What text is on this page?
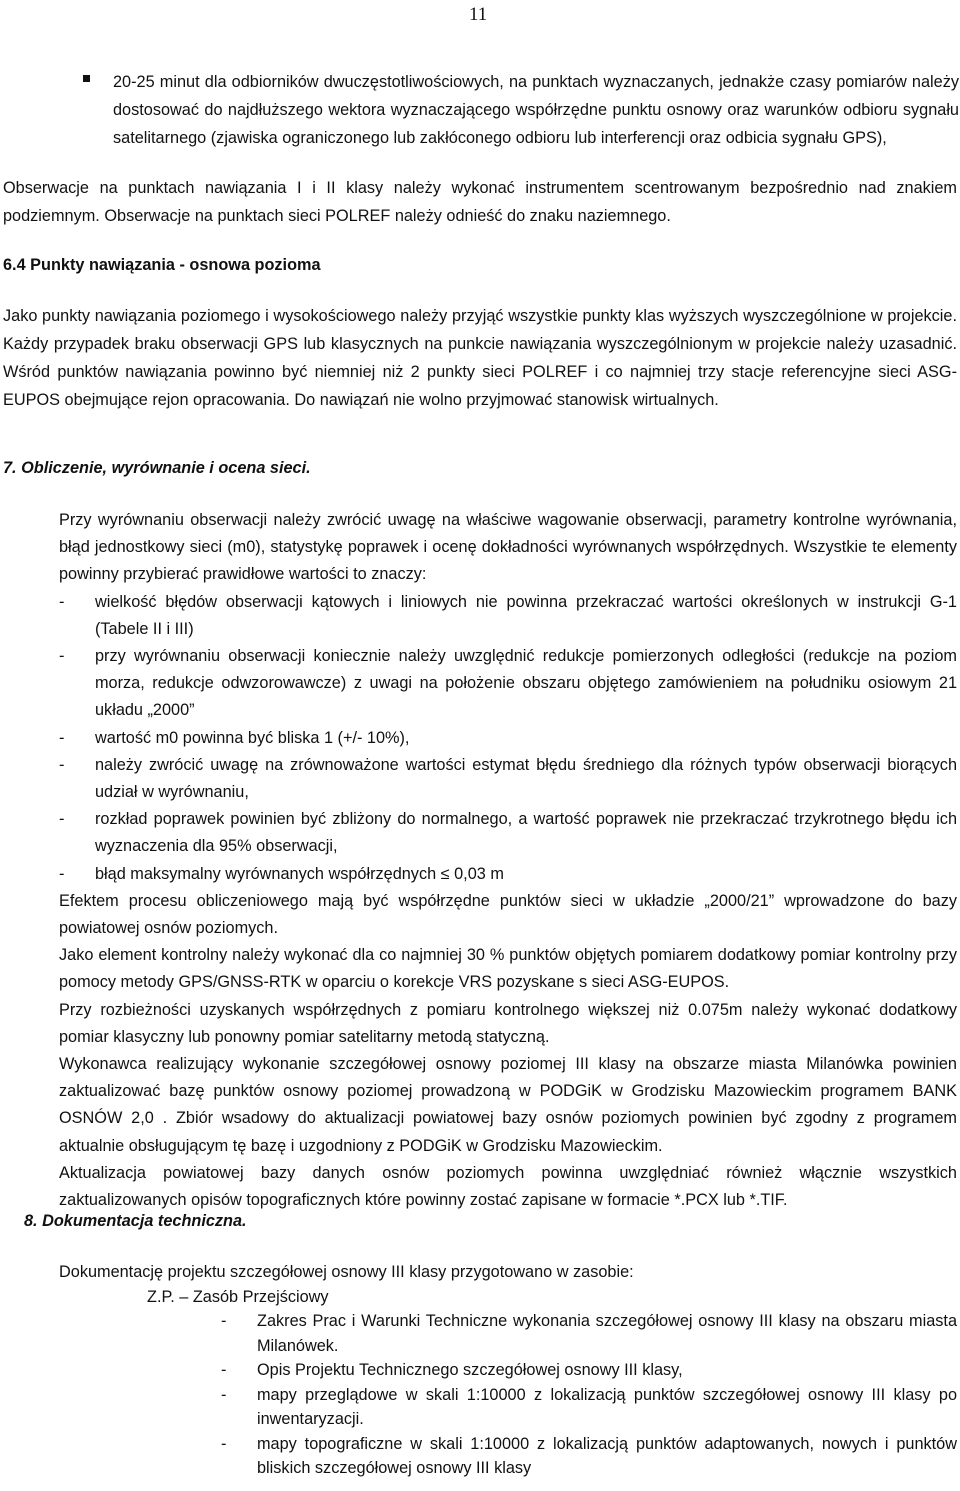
11
20-25 minut dla odbiorników dwuczęstotliwościowych, na punktach wyznaczanych, jednakże czasy pomiarów należy dostosować do najdłuższego wektora wyznaczającego współrzędne punktu osnowy oraz warunków odbioru sygnału satelitarnego (zjawiska ograniczonego lub zakłóconego odbioru lub interferencji oraz odbicia sygnału GPS),

Obserwacje na punktach nawiązania I i II klasy należy wykonać instrumentem scentrowanym bezpośrednio nad znakiem podziemnym. Obserwacje na punktach sieci POLREF należy odnieść do znaku naziemnego.

6.4 Punkty nawiązania - osnowa pozioma

Jako punkty nawiązania poziomego i wysokościowego należy przyjąć wszystkie punkty klas wyższych wyszczególnione w projekcie. Każdy przypadek braku obserwacji GPS lub klasycznych na punkcie nawiązania wyszczególnionym w projekcie należy uzasadnić. Wśród punktów nawiązania powinno być niemniej niż 2 punkty sieci POLREF i co najmniej trzy stacje referencyjne sieci ASG-EUPOS obejmujące rejon opracowania. Do nawiązań nie wolno przyjmować stanowisk wirtualnych.

7. Obliczenie, wyrównanie i ocena sieci.

Przy wyrównaniu obserwacji należy zwrócić uwagę na właściwe wagowanie obserwacji, parametry kontrolne wyrównania, błąd jednostkowy sieci (m0), statystykę poprawek i ocenę dokładności wyrównanych współrzędnych. Wszystkie te elementy powinny przybierać prawidłowe wartości to znaczy:

- wielkość błędów obserwacji kątowych i liniowych nie powinna przekraczać wartości określonych w instrukcji G-1 (Tabele II i III)
- przy wyrównaniu obserwacji koniecznie należy uwzględnić redukcje pomierzonych odległości (redukcje na poziom morza, redukcje odwzorowawcze) z uwagi na położenie obszaru objętego zamówieniem na południku osiowym 21 układu „2000”
- wartość m0 powinna być bliska 1 (+/- 10%),
- należy zwrócić uwagę na zrównoważone wartości estymat błędu średniego dla różnych typów obserwacji biorących udział w wyrównaniu,
- rozkład poprawek powinien być zbliżony do normalnego, a wartość poprawek nie przekraczać trzykrotnego błędu ich wyznaczenia dla 95% obserwacji,
- błąd maksymalny wyrównanych współrzędnych ≤ 0,03 m

Efektem procesu obliczeniowego mają być współrzędne punktów sieci w układzie „2000/21” wprowadzone do bazy powiatowej osnów poziomych.

Jako element kontrolny należy wykonać dla co najmniej 30 % punktów objętych pomiarem dodatkowy pomiar kontrolny przy pomocy metody GPS/GNSS-RTK w oparciu o korekcje VRS pozyskane s sieci ASG-EUPOS.

Przy rozbieżności uzyskanych współrzędnych z pomiaru kontrolnego większej niż 0.075m należy wykonać dodatkowy pomiar klasyczny lub ponowny pomiar satelitarny metodą statyczną.

Wykonawca realizujący wykonanie szczegółowej osnowy poziomej III klasy na obszarze miasta Milanówka powinien zaktualizować bazę punktów osnowy poziomej prowadzoną w PODGiK w Grodzisku Mazowieckim programem BANK OSNÓW 2,0 . Zbiór wsadowy do aktualizacji powiatowej bazy osnów poziomych powinien być zgodny z programem aktualnie obsługującym tę bazę i uzgodniony z PODGiK w Grodzisku Mazowieckim.

Aktualizacja powiatowej bazy danych osnów poziomych powinna uwzględniać również włącznie wszystkich zaktualizowanych opisów topograficznych które powinny zostać zapisane w formacie *.PCX lub *.TIF.

8. Dokumentacja techniczna.

Dokumentację projektu szczegółowej osnowy III klasy przygotowano w zasobie:

Z.P. – Zasób Przejściowy

- Zakres Prac i Warunki Techniczne wykonania szczegółowej osnowy III klasy na obszaru miasta Milanówek.
- Opis Projektu Technicznego szczegółowej osnowy III klasy,
- mapy przeglądowe w skali 1:10000 z lokalizacją punktów szczegółowej osnowy III klasy po inwentaryzacji.
- mapy topograficzne w skali 1:10000 z lokalizacją punktów adaptowanych, nowych i punktów bliskich szczegółowej osnowy III klasy
